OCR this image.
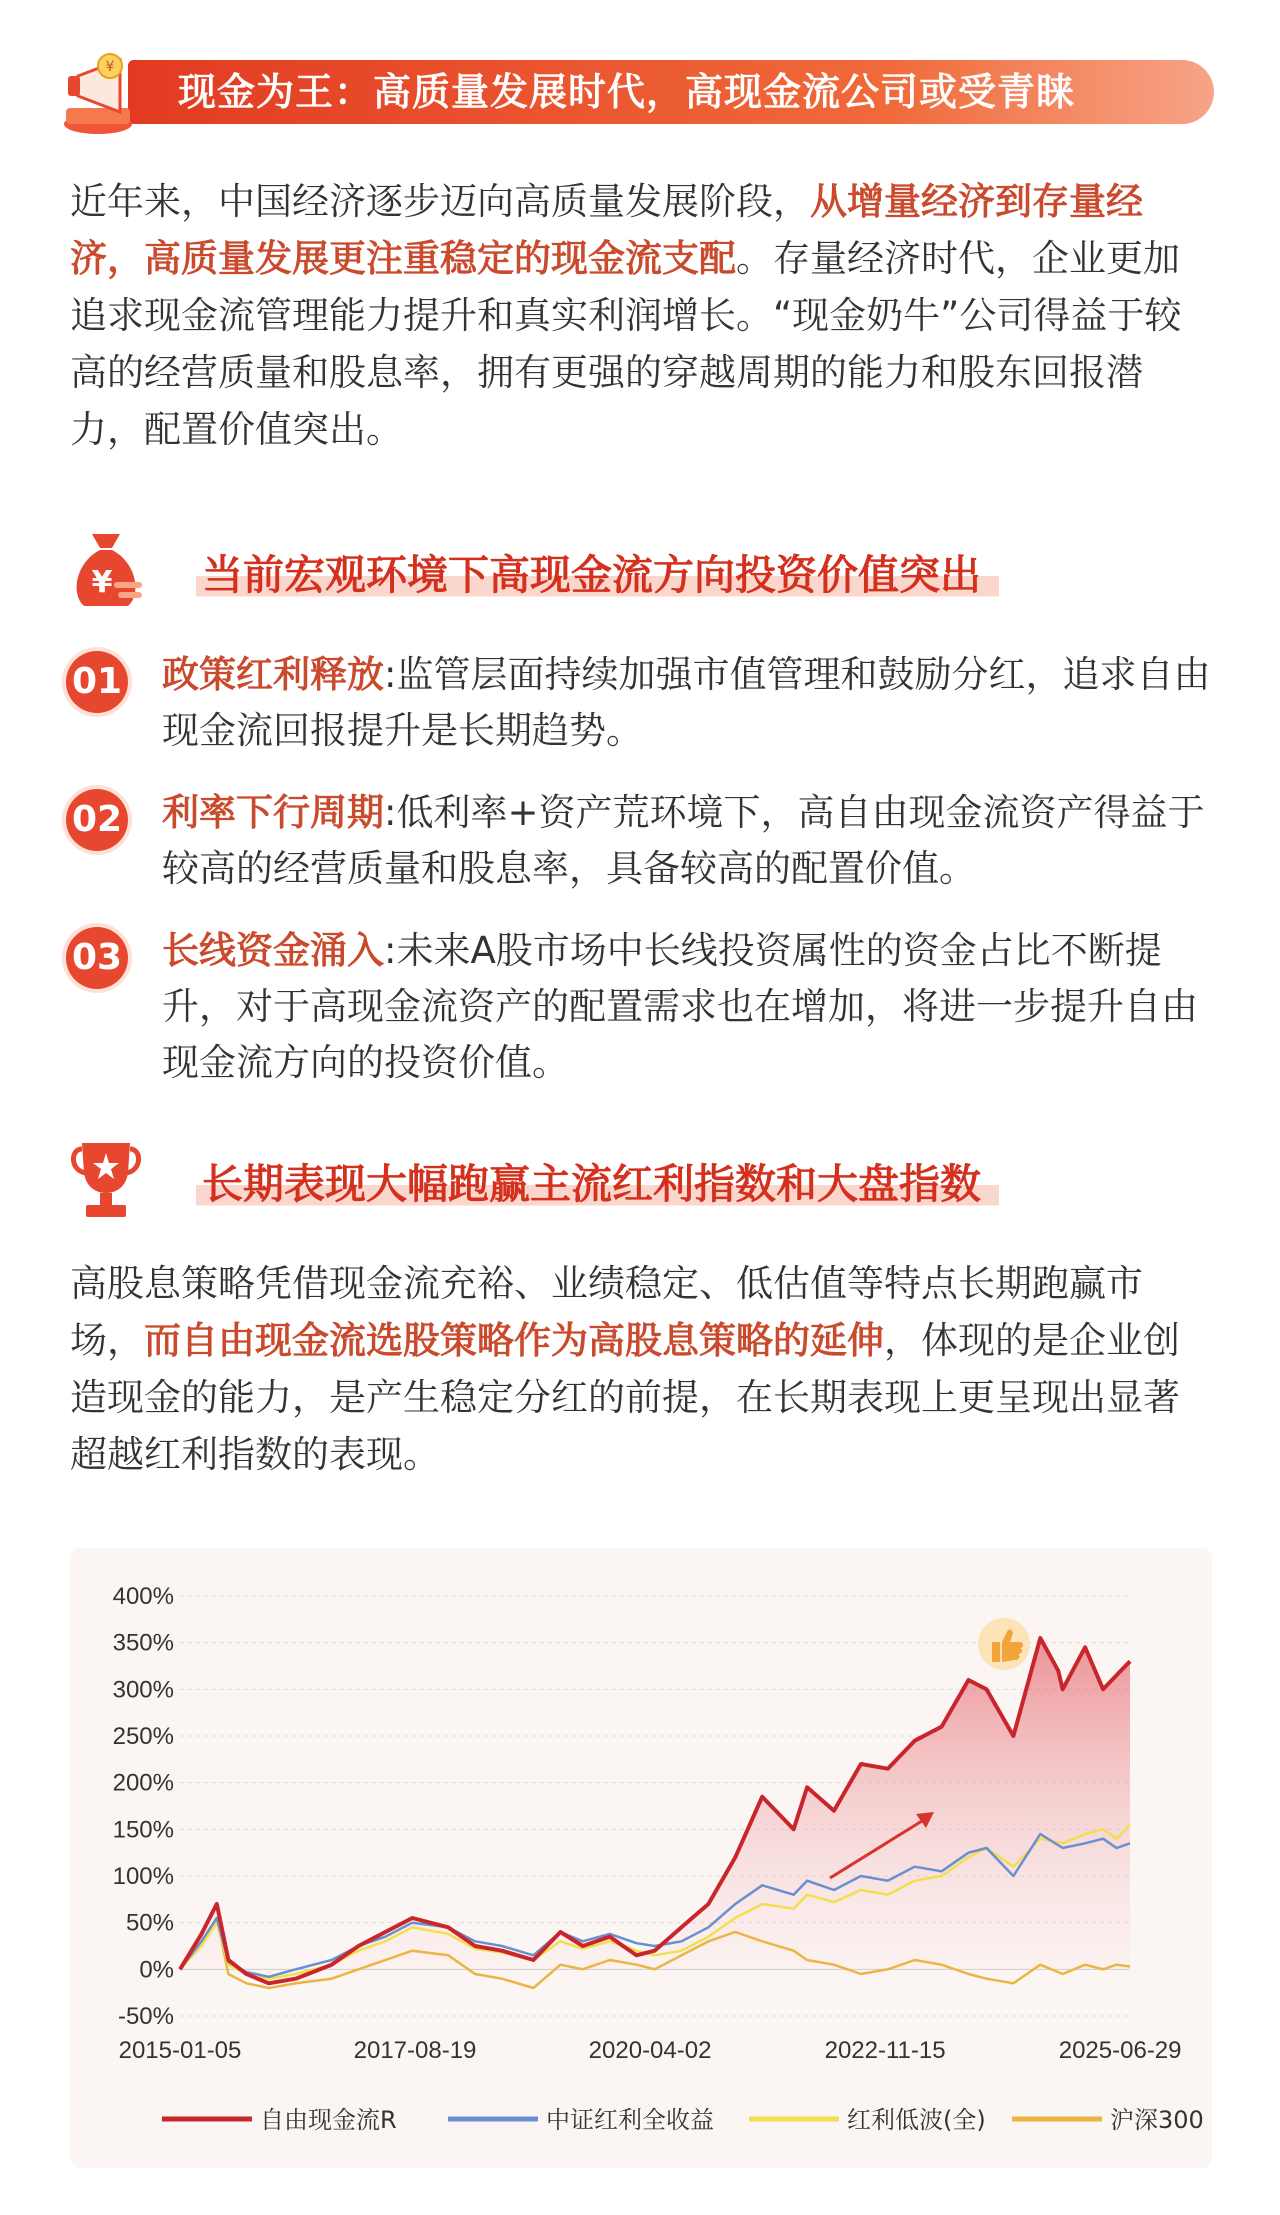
¥
现金为王：高质量发展时代，高现金流公司或受青睐
近年来，中国经济逐步迈向高质量发展阶段，从增量经济到存量经济，高质量发展更注重稳定的现金流支配。存量经济时代，企业更加追求现金流管理能力提升和真实利润增长。“现金奶牛”公司得益于较高的经营质量和股息率，拥有更强的穿越周期的能力和股东回报潜力，配置价值突出。
¥ 当前宏观环境下高现金流方向投资价值突出
01 政策红利释放:监管层面持续加强市值管理和鼓励分红，追求自由现金流回报提升是长期趋势。
02 利率下行周期:低利率+资产荒环境下，高自由现金流资产得益于较高的经营质量和股息率，具备较高的配置价值。
03 长线资金涌入:未来A股市场中长线投资属性的资金占比不断提升，对于高现金流资产的配置需求也在增加，将进一步提升自由现金流方向的投资价值。
长期表现大幅跑赢主流红利指数和大盘指数
高股息策略凭借现金流充裕、业绩稳定、低估值等特点长期跑赢市场，而自由现金流选股策略作为高股息策略的延伸，体现的是企业创造现金的能力，是产生稳定分红的前提，在长期表现上更呈现出显著超越红利指数的表现。
400%
350%
300%
250%
200%
150%
100%
50%
0%
-50%
2015-01-05	2017-08-19	2020-04-02	2022-11-15	2025-06-29
自由现金流R	中证红利全收益	红利低波(全)	沪深300
